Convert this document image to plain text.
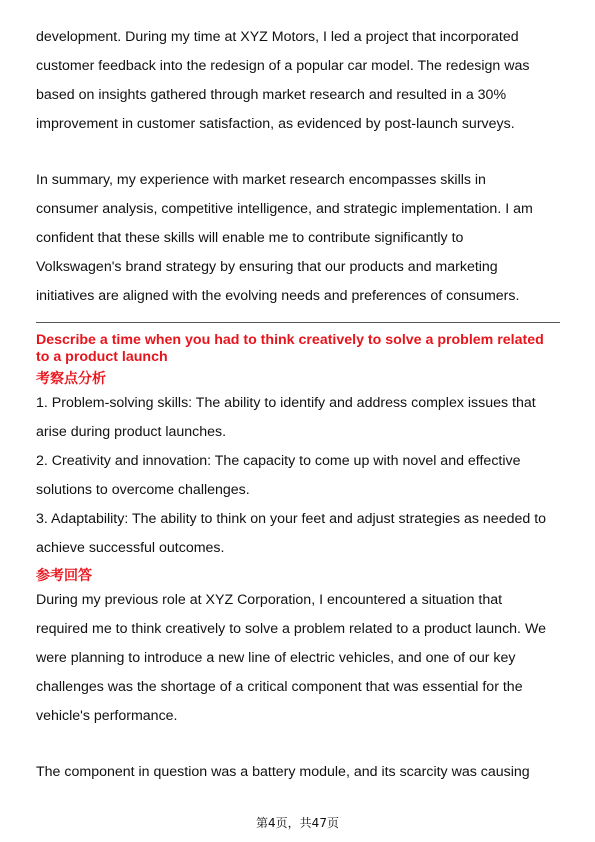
development. During my time at XYZ Motors, I led a project that incorporated

customer feedback into the redesign of a popular car model. The redesign was

based on insights gathered through market research and resulted in a 30%

improvement in customer satisfaction, as evidenced by post-launch surveys.

In summary, my experience with market research encompasses skills in

consumer analysis, competitive intelligence, and strategic implementation. I am

confident that these skills will enable me to contribute significantly to

Volkswagen's brand strategy by ensuring that our products and marketing

initiatives are aligned with the evolving needs and preferences of consumers.

Describe a time when you had to think creatively to solve a problem related

to a product launch

考察点分析

1. Problem-solving skills: The ability to identify and address complex issues that

arise during product launches.

2. Creativity and innovation: The capacity to come up with novel and effective

solutions to overcome challenges.

3. Adaptability: The ability to think on your feet and adjust strategies as needed to

achieve successful outcomes.

参考回答

During my previous role at XYZ Corporation, I encountered a situation that

required me to think creatively to solve a problem related to a product launch. We

were planning to introduce a new line of electric vehicles, and one of our key

challenges was the shortage of a critical component that was essential for the

vehicle's performance.

The component in question was a battery module, and its scarcity was causing

第4页，共47页
